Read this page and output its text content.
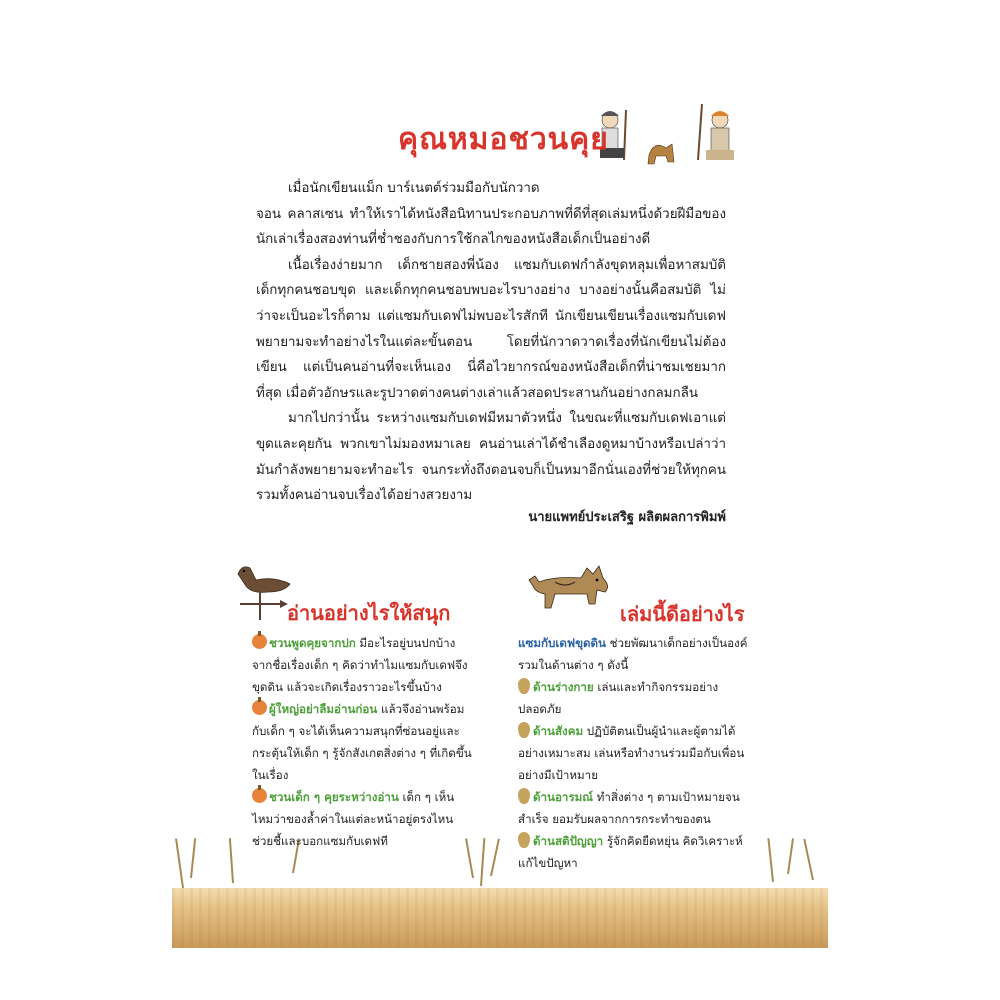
คุณหมอชวนคุย

เมื่อนักเขียนแม็ก บาร์เนตต์ร่วมมือกับนักวาด

จอน คลาสเซน ทำให้เราได้หนังสือนิทานประกอบภาพที่ดีที่สุดเล่มหนึ่งด้วยฝีมือของนักเล่าเรื่องสองท่านที่ช่ำชองกับการใช้กลไกของหนังสือเด็กเป็นอย่างดี

เนื้อเรื่องง่ายมาก เด็กชายสองพี่น้อง แซมกับเดฟกำลังขุดหลุมเพื่อหาสมบัติ เด็กทุกคนชอบขุด และเด็กทุกคนชอบพบอะไรบางอย่าง บางอย่างนั้นคือสมบัติ ไม่ว่าจะเป็นอะไรก็ตาม แต่แซมกับเดฟไม่พบอะไรสักที นักเขียนเขียนเรื่องแซมกับเดฟพยายามจะทำอย่างไรในแต่ละขั้นตอน โดยที่นักวาดวาดเรื่องที่นักเขียนไม่ต้องเขียน แต่เป็นคนอ่านที่จะเห็นเอง นี่คือไวยากรณ์ของหนังสือเด็กที่น่าชมเชยมากที่สุด เมื่อตัวอักษรและรูปวาดต่างคนต่างเล่าแล้วสอดประสานกันอย่างกลมกลืน

มากไปกว่านั้น ระหว่างแซมกับเดฟมีหมาตัวหนึ่ง ในขณะที่แซมกับเดฟเอาแต่ขุดและคุยกัน พวกเขาไม่มองหมาเลย คนอ่านเล่าได้ชำเลืองดูหมาบ้างหรือเปล่าว่ามันกำลังพยายามจะทำอะไร จนกระทั่งถึงตอนจบก็เป็นหมาอีกนั่นเองที่ช่วยให้ทุกคน รวมทั้งคนอ่านจบเรื่องได้อย่างสวยงาม

นายแพทย์ประเสริฐ ผลิตผลการพิมพ์
อ่านอย่างไรให้สนุก
ชวนพูดคุยจากปก มีอะไรอยู่บนปกบ้าง จากชื่อเรื่องเด็ก ๆ คิดว่าทำไมแซมกับเดฟจึงขุดดิน แล้วจะเกิดเรื่องราวอะไรขึ้นบ้าง
ผู้ใหญ่อย่าลืมอ่านก่อน แล้วจึงอ่านพร้อมกับเด็ก ๆ จะได้เห็นความสนุกที่ซ่อนอยู่และกระตุ้นให้เด็ก ๆ รู้จักสังเกตสิ่งต่าง ๆ ที่เกิดขึ้นในเรื่อง
ชวนเด็ก ๆ คุยระหว่างอ่าน เด็ก ๆ เห็นไหมว่าของล้ำค่าในแต่ละหน้าอยู่ตรงไหน ช่วยชี้และบอกแซมกับเดฟที
เล่มนี้ดีอย่างไร
แซมกับเดฟขุดดิน ช่วยพัฒนาเด็กอย่างเป็นองค์รวมในด้านต่าง ๆ ดังนี้
ด้านร่างกาย เล่นและทำกิจกรรมอย่างปลอดภัย
ด้านสังคม ปฏิบัติตนเป็นผู้นำและผู้ตามได้อย่างเหมาะสม เล่นหรือทำงานร่วมมือกับเพื่อนอย่างมีเป้าหมาย
ด้านอารมณ์ ทำสิ่งต่าง ๆ ตามเป้าหมายจนสำเร็จ ยอมรับผลจากการกระทำของตน
ด้านสติปัญญา รู้จักคิดยืดหยุ่น คิดวิเคราะห์แก้ไขปัญหา
